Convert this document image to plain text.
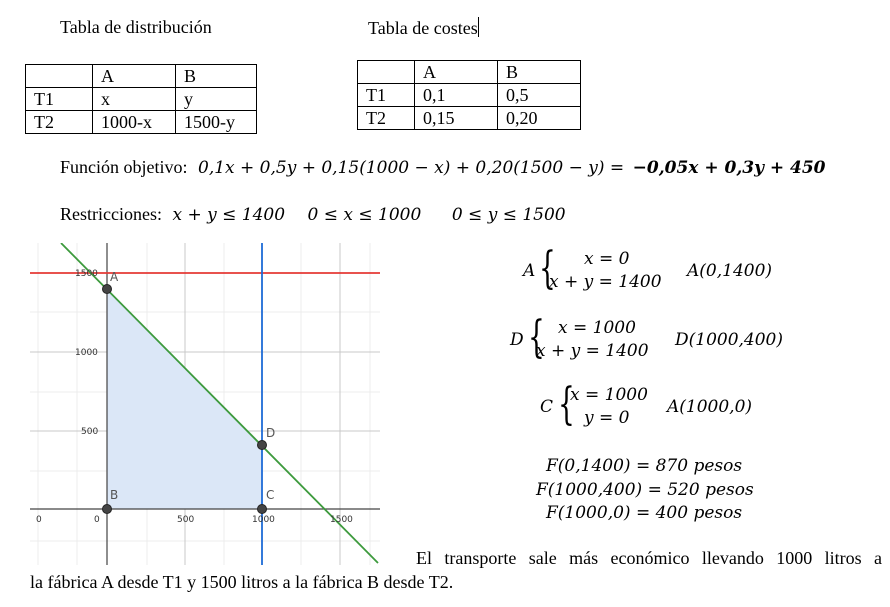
Tabla de distribución	Tabla de costes
	A	B
T1	x	y
T2	1000-x	1500-y
	A	B
T1	0,1	0,5
T2	0,15	0,20
Función objetivo: 0,1x + 0,5y + 0,15(1000 − x) + 0,20(1500 − y) = −0,05x + 0,3y + 450
Restricciones: x + y ≤ 1400 0 ≤ x ≤ 1000 0 ≤ y ≤ 1500
0	0	500	1000	1500
1500
1000
500
A
D
B	C
A { x = 0
x + y = 1400
A(0,1400)
D { x = 1000
x + y = 1400
D(1000,400)
C {
x = 1000
y = 0
A(1000,0)
F(0,1400) = 870 pesos
F(1000,400) = 520 pesos
F(1000,0) = 400 pesos
El transporte sale más económico llevando 1000 litros a
la fábrica A desde T1 y 1500 litros a la fábrica B desde T2.
